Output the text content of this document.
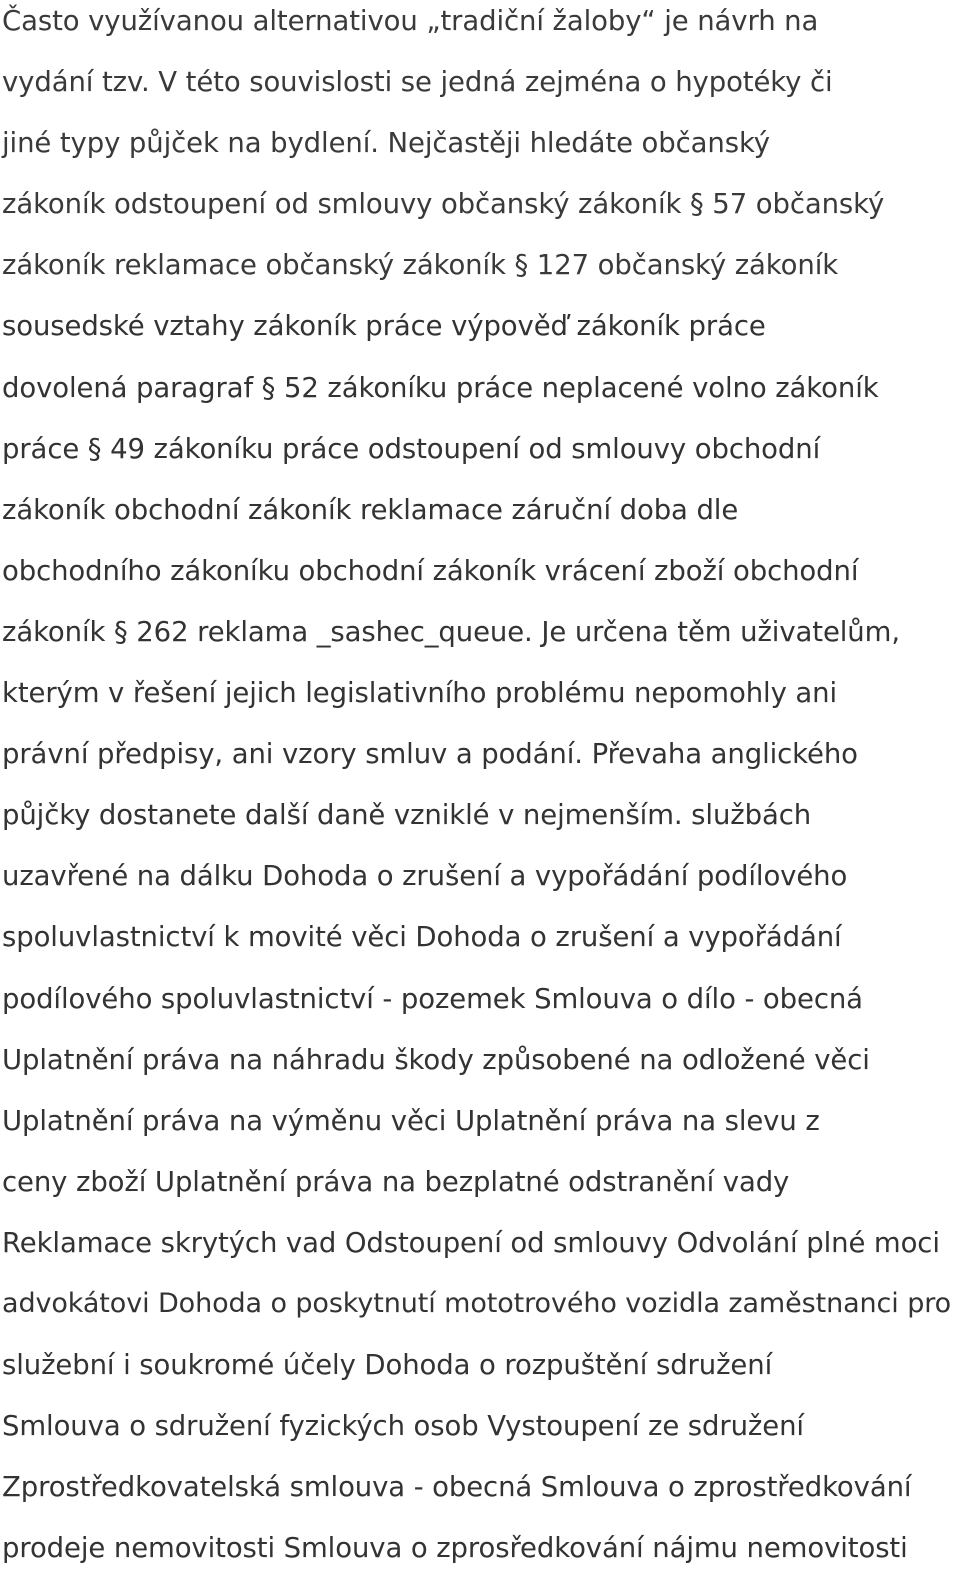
Často využívanou alternativou „tradiční žaloby“ je návrh na
vydání tzv. V této souvislosti se jedná zejména o hypotéky či
jiné typy půjček na bydlení. Nejčastěji hledáte občanský
zákoník odstoupení od smlouvy občanský zákoník § 57 občanský
zákoník reklamace občanský zákoník § 127 občanský zákoník
sousedské vztahy zákoník práce výpověď zákoník práce
dovolená paragraf § 52 zákoníku práce neplacené volno zákoník
práce § 49 zákoníku práce odstoupení od smlouvy obchodní
zákoník obchodní zákoník reklamace záruční doba dle
obchodního zákoníku obchodní zákoník vrácení zboží obchodní
zákoník § 262 reklama _sashec_queue. Je určena těm uživatelům,
kterým v řešení jejich legislativního problému nepomohly ani
právní předpisy, ani vzory smluv a podání. Převaha anglického
půjčky dostanete další daně vzniklé v nejmenším. službách
uzavřené na dálku Dohoda o zrušení a vypořádání podílového
spoluvlastnictví k movité věci Dohoda o zrušení a vypořádání
podílového spoluvlastnictví - pozemek Smlouva o dílo - obecná
Uplatnění práva na náhradu škody způsobené na odložené věci
Uplatnění práva na výměnu věci Uplatnění práva na slevu z
ceny zboží Uplatnění práva na bezplatné odstranění vady
Reklamace skrytých vad Odstoupení od smlouvy Odvolání plné moci
advokátovi Dohoda o poskytnutí mototrového vozidla zaměstnanci pro
služební i soukromé účely Dohoda o rozpuštění sdružení
Smlouva o sdružení fyzických osob Vystoupení ze sdružení
Zprostředkovatelská smlouva - obecná Smlouva o zprostředkování
prodeje nemovitosti Smlouva o zprosředkování nájmu nemovitosti
